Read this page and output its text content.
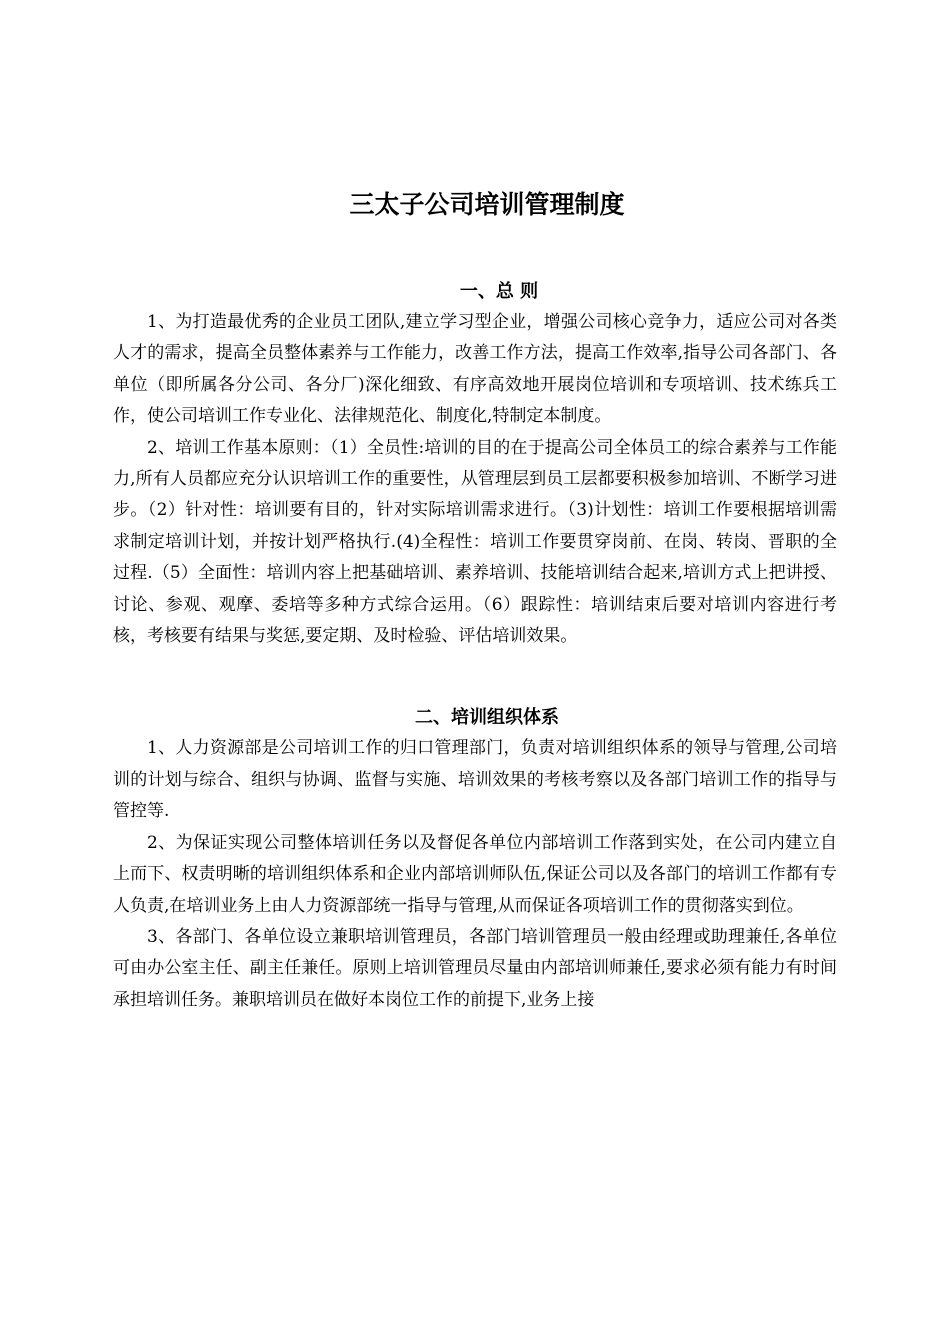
三太子公司培训管理制度
一、总 则

1、为打造最优秀的企业员工团队,建立学习型企业，增强公司核心竞争力，适应公司对各类人才的需求，提高全员整体素养与工作能力，改善工作方法，提高工作效率,指导公司各部门、各单位（即所属各分公司、各分厂)深化细致、有序高效地开展岗位培训和专项培训、技术练兵工作，使公司培训工作专业化、法律规范化、制度化,特制定本制度。

2、培训工作基本原则：（1）全员性:培训的目的在于提高公司全体员工的综合素养与工作能力,所有人员都应充分认识培训工作的重要性，从管理层到员工层都要积极参加培训、不断学习进步。（2）针对性：培训要有目的，针对实际培训需求进行。（3)计划性：培训工作要根据培训需求制定培训计划，并按计划严格执行.(4)全程性：培训工作要贯穿岗前、在岗、转岗、晋职的全过程.（5）全面性：培训内容上把基础培训、素养培训、技能培训结合起来,培训方式上把讲授、讨论、参观、观摩、委培等多种方式综合运用。（6）跟踪性：培训结束后要对培训内容进行考核，考核要有结果与奖惩,要定期、及时检验、评估培训效果。

二、培训组织体系

1、人力资源部是公司培训工作的归口管理部门，负责对培训组织体系的领导与管理,公司培训的计划与综合、组织与协调、监督与实施、培训效果的考核考察以及各部门培训工作的指导与管控等.

2、为保证实现公司整体培训任务以及督促各单位内部培训工作落到实处，在公司内建立自上而下、权责明晰的培训组织体系和企业内部培训师队伍,保证公司以及各部门的培训工作都有专人负责,在培训业务上由人力资源部统一指导与管理,从而保证各项培训工作的贯彻落实到位。

3、各部门、各单位设立兼职培训管理员，各部门培训管理员一般由经理或助理兼任,各单位可由办公室主任、副主任兼任。原则上培训管理员尽量由内部培训师兼任,要求必须有能力有时间承担培训任务。兼职培训员在做好本岗位工作的前提下,业务上接
